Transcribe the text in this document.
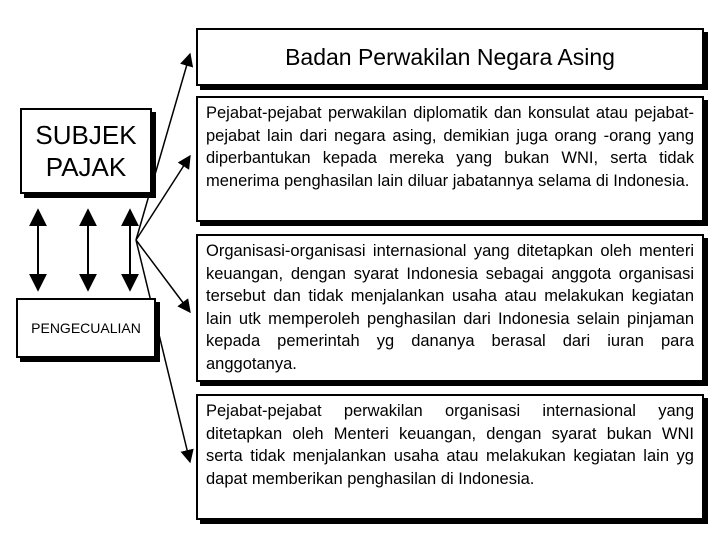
Badan Perwakilan Negara Asing
SUBJEK
PAJAK
PENGECUALIAN
Pejabat-pejabat perwakilan diplomatik dan konsulat atau pejabat-pejabat lain dari negara asing, demikian juga orang -orang yang diperbantukan kepada mereka yang bukan WNI, serta tidak menerima penghasilan lain diluar jabatannya selama di Indonesia.
Organisasi-organisasi internasional yang ditetapkan oleh menteri keuangan, dengan syarat Indonesia sebagai anggota organisasi tersebut dan tidak menjalankan usaha atau melakukan kegiatan lain utk memperoleh penghasilan dari Indonesia selain pinjaman kepada pemerintah yg dananya berasal dari iuran para anggotanya.
Pejabat-pejabat perwakilan organisasi internasional yang ditetapkan oleh Menteri keuangan, dengan syarat bukan WNI serta tidak menjalankan usaha atau melakukan kegiatan lain yg dapat memberikan penghasilan di Indonesia.
